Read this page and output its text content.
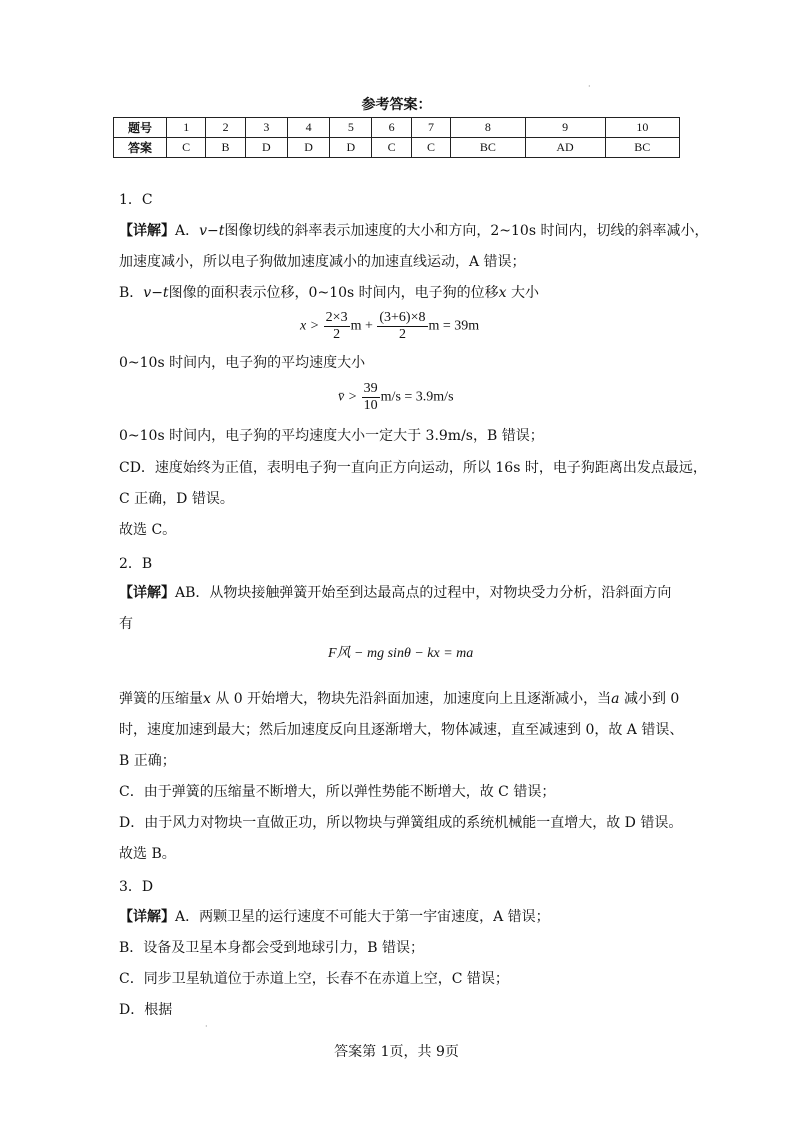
参考答案：
题号	1	2	3	4	5	6	7	8	9	10
答案	C	B	D	D	D	C	C	BC	AD	BC
1．C
【详解】A．v−t图像切线的斜率表示加速度的大小和方向，2~10s 时间内，切线的斜率减小，
加速度减小，所以电子狗做加速度减小的加速直线运动，A 错误；
B．v−t图像的面积表示位移，0~10s 时间内，电子狗的位移x 大小
$x > \frac{2\times 3}{2}$ $m + \frac{(3+6)\times 8}{2}$ m = 39m
0~10s 时间内，电子狗的平均速度大小
v̄ > $\frac{39}{10} m/s = 3.9m/s$
0~10s 时间内，电子狗的平均速度大小一定大于 3.9m/s，B 错误；
CD．速度始终为正值，表明电子狗一直向正方向运动，所以 16s 时，电子狗距离出发点最远，
C 正确，D 错误。
故选 C。
2．B
【详解】AB．从物块接触弹簧开始至到达最高点的过程中，对物块受力分析，沿斜面方向
有
F风 − mg sinθ − kx = ma
弹簧的压缩量x 从 0 开始增大，物块先沿斜面加速，加速度向上且逐渐减小，当a 减小到 0
时，速度加速到最大；然后加速度反向且逐渐增大，物体减速，直至减速到 0，故 A 错误、
B 正确；
C．由于弹簧的压缩量不断增大，所以弹性势能不断增大，故 C 错误；
D．由于风力对物块一直做正功，所以物块与弹簧组成的系统机械能一直增大，故 D 错误。
故选 B。
3．D
【详解】A．两颗卫星的运行速度不可能大于第一宇宙速度，A 错误；
B．设备及卫星本身都会受到地球引力，B 错误；
C．同步卫星轨道位于赤道上空，长春不在赤道上空，C 错误；
D．根据
·
·
答案第 1页，共 9页
